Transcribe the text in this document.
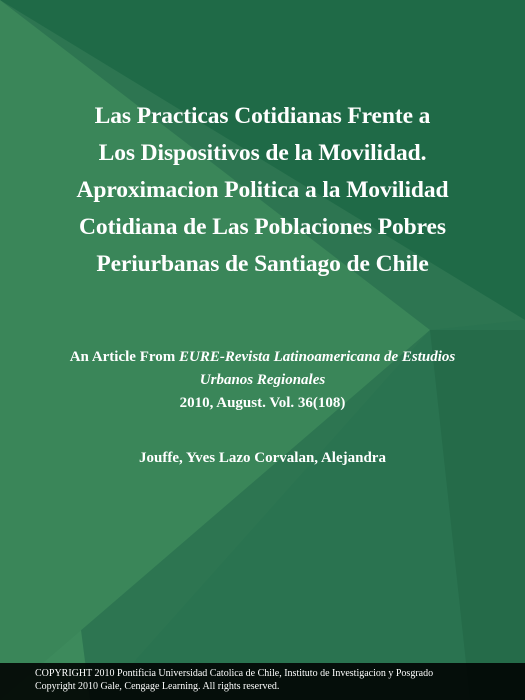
Las Practicas Cotidianas Frente a
Los Dispositivos de la Movilidad.
Aproximacion Politica a la Movilidad
Cotidiana de Las Poblaciones Pobres
Periurbanas de Santiago de Chile
An Article From EURE-Revista Latinoamericana de Estudios
Urbanos Regionales
2010, August. Vol. 36(108)
Jouffe, Yves Lazo Corvalan, Alejandra
COPYRIGHT 2010 Pontificia Universidad Catolica de Chile, Instituto de Investigacion y Posgrado
Copyright 2010 Gale, Cengage Learning. All rights reserved.
